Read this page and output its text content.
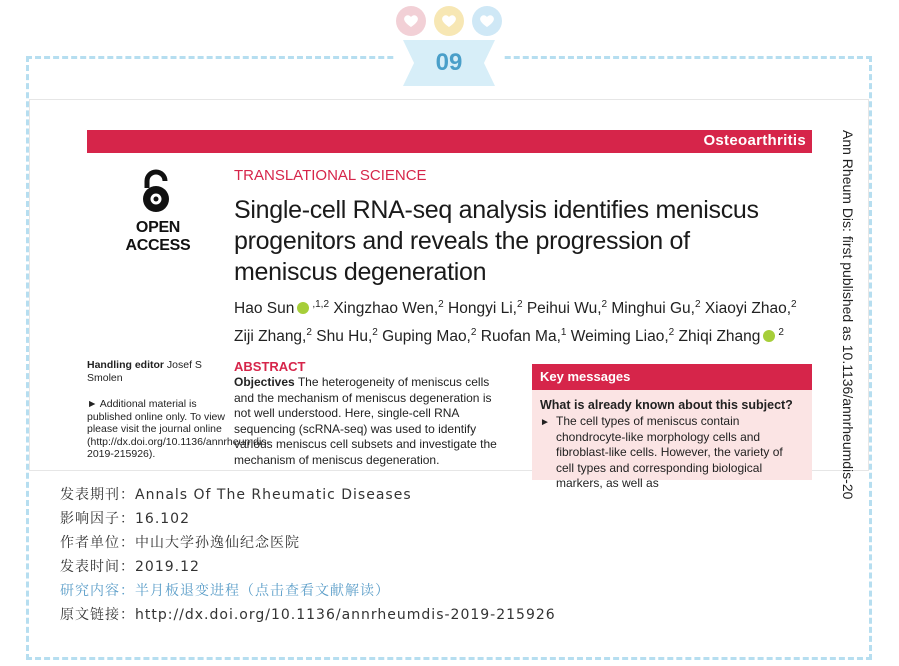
09
Osteoarthritis Ann Rheum Dis: first published as 10.1136/annrheumdis-20
OPEN ACCESS
TRANSLATIONAL SCIENCE
Single-cell RNA-seq analysis identifies meniscus progenitors and reveals the progression of meniscus degeneration
Hao Sun $^{,1,2}$ Xingzhao Wen,$^2$ Hongyi Li,$^2$ Peihui Wu,$^2$ Minghui Gu,$^2$ Xiaoyi Zhao,$^2$
Ziji Zhang,$^2$ Shu Hu,$^2$ Guping Mao,$^2$ Ruofan Ma,$^1$ Weiming Liao,$^2$ Zhiqi Zhang $^2$
Handling editor Josef S Smolen
► Additional material is published online only. To view please visit the journal online (http://dx.doi.org/10.1136/annrheumdis-2019-215926).
ABSTRACT
Objectives The heterogeneity of meniscus cells and the mechanism of meniscus degeneration is not well understood. Here, single-cell RNA sequencing (scRNA-seq) was used to identify various meniscus cell subsets and investigate the mechanism of meniscus degeneration.
Key messages
What is already known about this subject?
► The cell types of meniscus contain chondrocyte-like morphology cells and fibroblast-like cells. However, the variety of cell types and corresponding biological markers, as well as
发表期刊：Annals Of The Rheumatic Diseases
影响因子：16.102
作者单位：中山大学孙逸仙纪念医院
发表时间：2019.12
研究内容：半月板退变进程（点击查看文献解读）
原文链接：http://dx.doi.org/10.1136/annrheumdis-2019-215926
